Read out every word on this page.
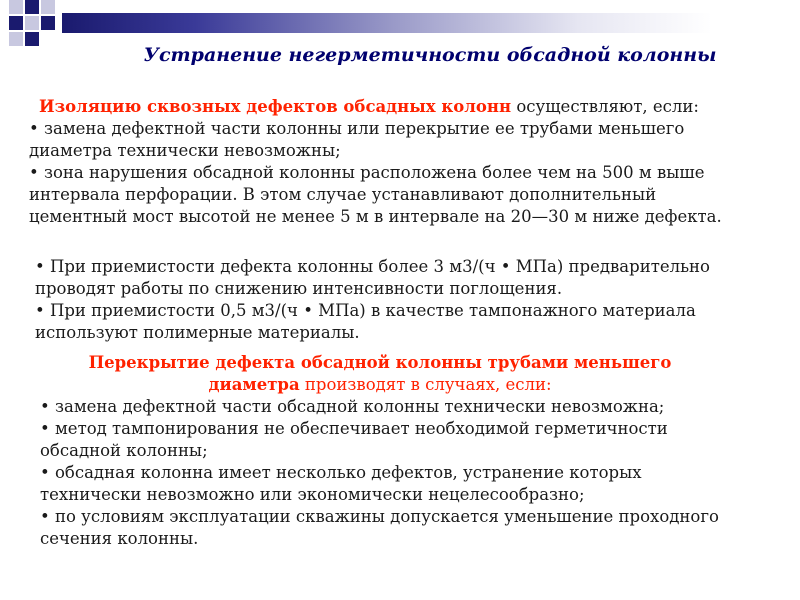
Устранение негерметичности обсадной колонны
Изоляцию сквозных дефектов обсадных колонн осуществляют, если:
• замена дефектной части колонны или перекрытие ее трубами меньшего
диаметра технически невозможны;
• зона нарушения обсадной колонны расположена более чем на 500 м выше
интервала перфорации. В этом случае устанавливают дополнительный
цементный мост высотой не менее 5 м в интервале на 20—30 м ниже дефекта.
• При приемистости дефекта колонны более 3 м3/(ч • МПа) предварительно
проводят работы по снижению интенсивности поглощения.
• При приемистости 0,5 м3/(ч • МПа) в качестве тампонажного материала
используют полимерные материалы.
Перекрытие дефекта обсадной колонны трубами меньшего
диаметра производят в случаях, если:
• замена дефектной части обсадной колонны технически невозможна;
• метод тампонирования не обеспечивает необходимой герметичности
обсадной колонны;
• обсадная колонна имеет несколько дефектов, устранение которых
технически невозможно или экономически нецелесообразно;
• по условиям эксплуатации скважины допускается уменьшение проходного
сечения колонны.
